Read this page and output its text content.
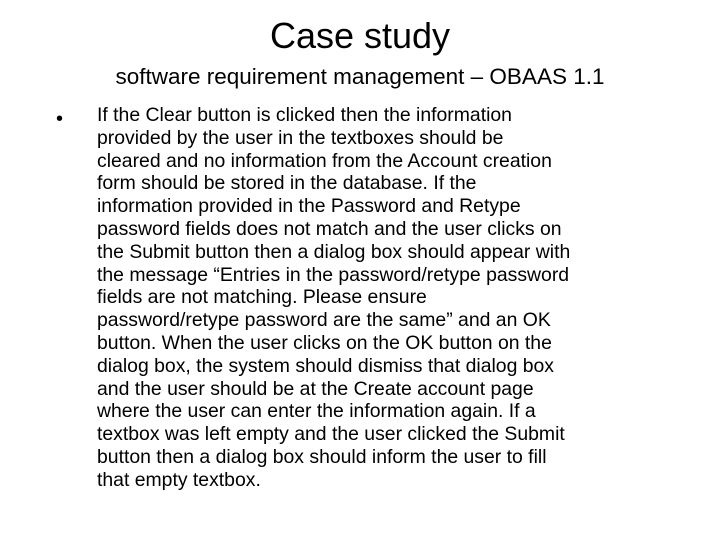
Case study
software requirement management – OBAAS 1.1
• If the Clear button is clicked then the information
provided by the user in the textboxes should be
cleared and no information from the Account creation
form should be stored in the database. If the
information provided in the Password and Retype
password fields does not match and the user clicks on
the Submit button then a dialog box should appear with
the message “Entries in the password/retype password
fields are not matching. Please ensure
password/retype password are the same” and an OK
button. When the user clicks on the OK button on the
dialog box, the system should dismiss that dialog box
and the user should be at the Create account page
where the user can enter the information again. If a
textbox was left empty and the user clicked the Submit
button then a dialog box should inform the user to fill
that empty textbox.
